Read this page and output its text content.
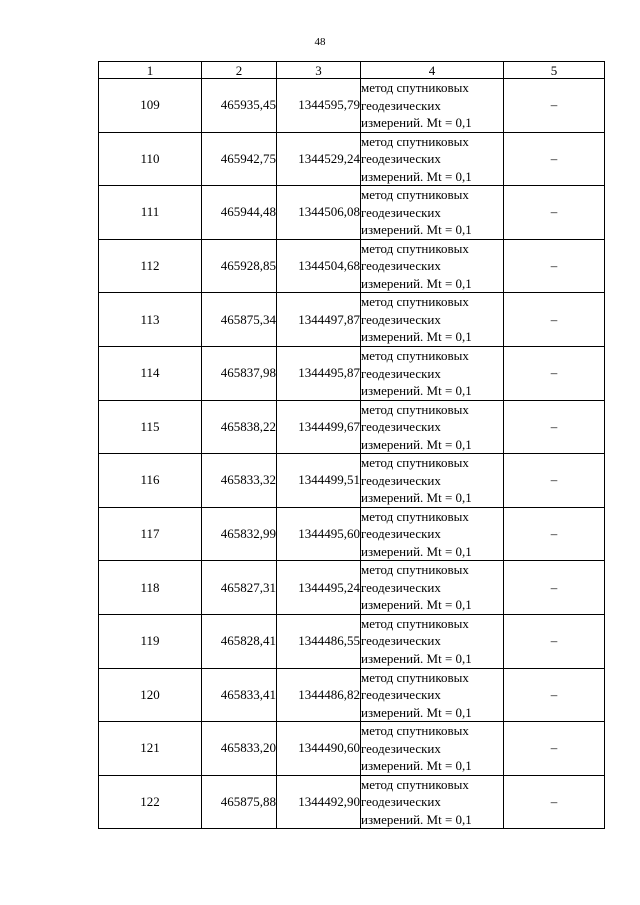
48
1	2	3	4	5
109	465935,45	1344595,79	метод спутниковых
геодезических
измерений. Mt = 0,1	–
110	465942,75	1344529,24	метод спутниковых
геодезических
измерений. Mt = 0,1	–
111	465944,48	1344506,08	метод спутниковых
геодезических
измерений. Mt = 0,1	–
112	465928,85	1344504,68	метод спутниковых
геодезических
измерений. Mt = 0,1	–
113	465875,34	1344497,87	метод спутниковых
геодезических
измерений. Mt = 0,1	–
114	465837,98	1344495,87	метод спутниковых
геодезических
измерений. Mt = 0,1	–
115	465838,22	1344499,67	метод спутниковых
геодезических
измерений. Mt = 0,1	–
116	465833,32	1344499,51	метод спутниковых
геодезических
измерений. Mt = 0,1	–
117	465832,99	1344495,60	метод спутниковых
геодезических
измерений. Mt = 0,1	–
118	465827,31	1344495,24	метод спутниковых
геодезических
измерений. Mt = 0,1	–
119	465828,41	1344486,55	метод спутниковых
геодезических
измерений. Mt = 0,1	–
120	465833,41	1344486,82	метод спутниковых
геодезических
измерений. Mt = 0,1	–
121	465833,20	1344490,60	метод спутниковых
геодезических
измерений. Mt = 0,1	–
122	465875,88	1344492,90	метод спутниковых
геодезических
измерений. Mt = 0,1	–
